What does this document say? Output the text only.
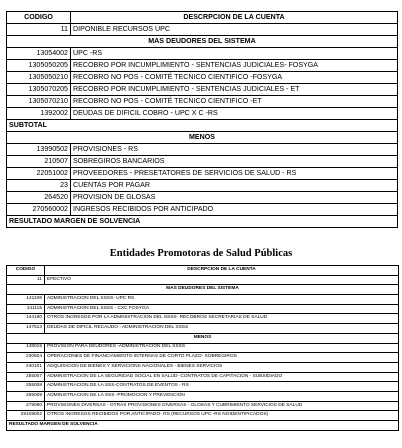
CODIGO	DESCRPCION DE LA CUENTA
11	DIPONIBLE RECURSOS UPC
MAS DEUDORES DEL SISTEMA	
13054002	UPC -RS
1305050205	RECOBRO POR INCUMPLIMIENTO - SENTENCIAS JUDICIALES- FOSYGA
1305050210	RECOBRO NO POS - COMITÉ TECNICO CIENTIFICO -FOSYGA
1305070205	RECOBRO POR INCUMPLIMIENTO - SENTENCIAS JUDICIALES - ET
1305070210	RECOBRO NO POS - COMITÉ TECNICO CIENTIFICO -ET
1392002	DEUDAS DE DIFICIL COBRO - UPC X C -RS
SUBTOTAL	
MENOS	
13990502	PROVISIONES - RS
210507	SOBREGIROS BANCARIOS
22051002	PROVEEDORES - PRESETATORES DE SERVICIOS DE SALUD - RS
23	CUENTAS POR PAGAR
264520	PROVISION DE GLOSAS
270560002	INGRESOS RECIBIDOS POR ANTICIPADO
RESULTADO MARGEN DE SOLVENCIA	
Entidades Promotoras de Salud Públicas
CODIGO	DESCRPCION DE LA CUENTA
11	EFECTIVO
MAS DEUDORES DEL SISTEMA	
141106	ADMINISTRACION DEL SSSS- UPC RS
141115	ADMINISTRACION DEL SSSS - CXC FOSYGA
144190	OTROS INGRESOS POR LA ADMINISTRACION DEL SSSS- RECOBROS SECRETARIAS DE SALUD
147513	DEUDAS DE DIFICIL RECAUDO - ADMINISTRACION DEL SSSS
MENOS	
148015	PROVISION PARA DEUDORES -ADMINISTRACION DEL SSSS
230604	OPERACIONES DE FINANCIAMIENTO INTERNAS DE CORTO PLAZO- SOBREGIROS
240101	ADQUISICION DE BIENES Y SERVICIONS NACIONALES - BIENES SERVICIOS
255007	ADMINISTRACION DE LA SEGURIDAD SOCIAL EN SALUD- CONTRATOS DE CAPITACION - SUBSIDIADO
255008	ADMINISTRACION DE LA SSS-CONTRATOS DE EVENTOS - RS
255009	ADMINISTRACION DE LA SSS -PROMOCION Y PREVENCION
279090	PROVISIONES DIVERSAS - OTRAS PROVISIONES DIVERSAS - GLOSAS Y CUBRIMIENTO SERVICIOS DE SALUD
29109002	OTROS INGRESOS RECIBIDOS POR ANTICIPADO- RS (RECURSOS UPC -RS NOIDENTIFICADOS)
RESULTADO MARGEN DE SOLVENCIA	
